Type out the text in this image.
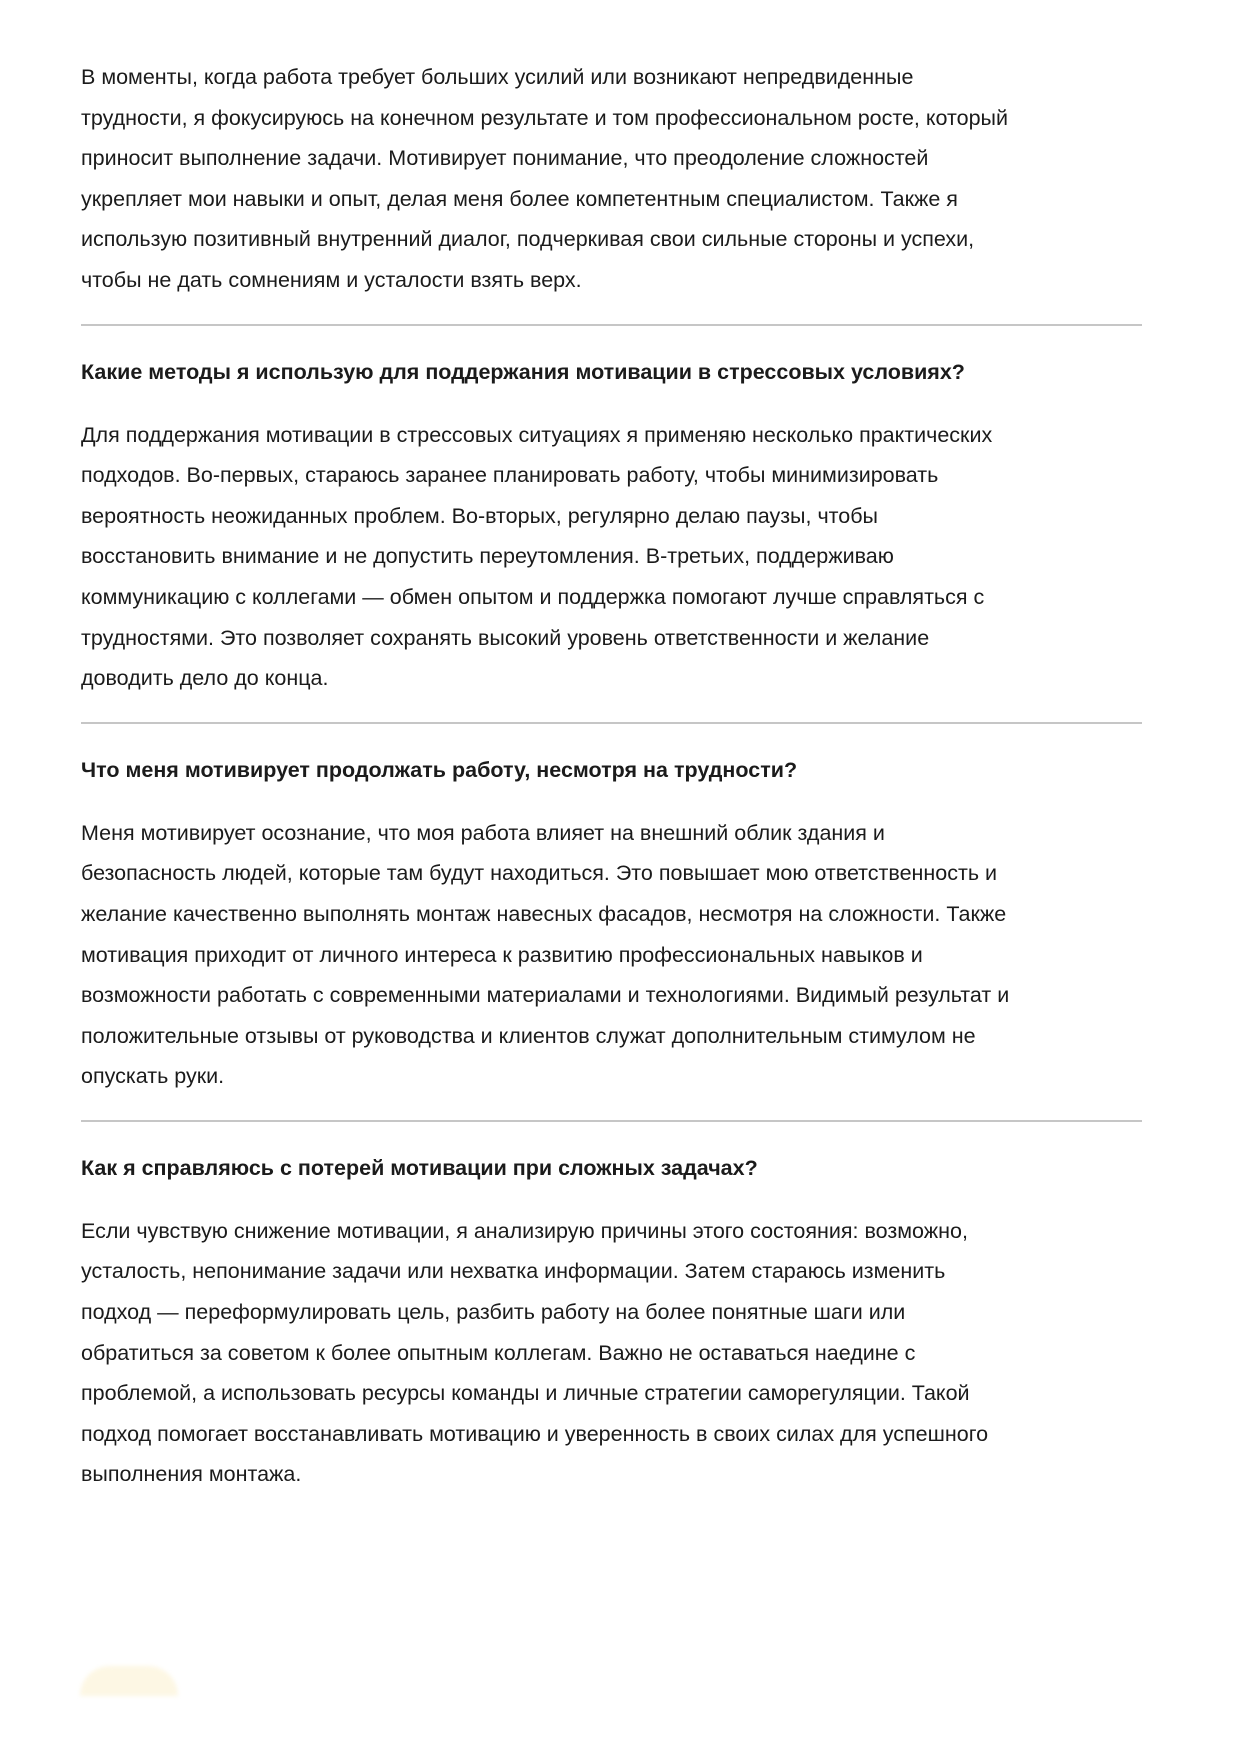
В моменты, когда работа требует больших усилий или возникают непредвиденные
трудности, я фокусируюсь на конечном результате и том профессиональном росте, который
приносит выполнение задачи. Мотивирует понимание, что преодоление сложностей
укрепляет мои навыки и опыт, делая меня более компетентным специалистом. Также я
использую позитивный внутренний диалог, подчеркивая свои сильные стороны и успехи,
чтобы не дать сомнениям и усталости взять верх.
Какие методы я использую для поддержания мотивации в стрессовых условиях?
Для поддержания мотивации в стрессовых ситуациях я применяю несколько практических
подходов. Во-первых, стараюсь заранее планировать работу, чтобы минимизировать
вероятность неожиданных проблем. Во-вторых, регулярно делаю паузы, чтобы
восстановить внимание и не допустить переутомления. В-третьих, поддерживаю
коммуникацию с коллегами — обмен опытом и поддержка помогают лучше справляться с
трудностями. Это позволяет сохранять высокий уровень ответственности и желание
доводить дело до конца.
Что меня мотивирует продолжать работу, несмотря на трудности?
Меня мотивирует осознание, что моя работа влияет на внешний облик здания и
безопасность людей, которые там будут находиться. Это повышает мою ответственность и
желание качественно выполнять монтаж навесных фасадов, несмотря на сложности. Также
мотивация приходит от личного интереса к развитию профессиональных навыков и
возможности работать с современными материалами и технологиями. Видимый результат и
положительные отзывы от руководства и клиентов служат дополнительным стимулом не
опускать руки.
Как я справляюсь с потерей мотивации при сложных задачах?
Если чувствую снижение мотивации, я анализирую причины этого состояния: возможно,
усталость, непонимание задачи или нехватка информации. Затем стараюсь изменить
подход — переформулировать цель, разбить работу на более понятные шаги или
обратиться за советом к более опытным коллегам. Важно не оставаться наедине с
проблемой, а использовать ресурсы команды и личные стратегии саморегуляции. Такой
подход помогает восстанавливать мотивацию и уверенность в своих силах для успешного
выполнения монтажа.
